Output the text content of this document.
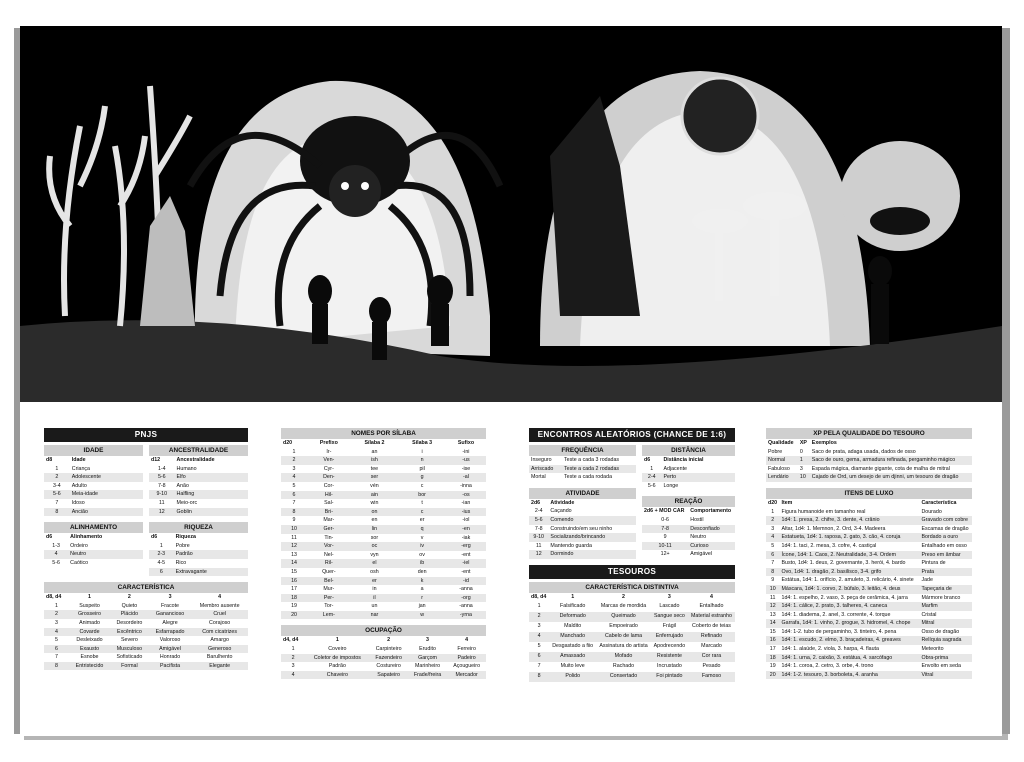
PNJS
IDADE
d8	Idade
1	Criança
2	Adolescente
3-4	Adulto
5-6	Meia-idade
7	Idoso
8	Ancião
ANCESTRALIDADE
d12	Ancestralidade
1-4	Humano
5-6	Elfo
7-8	Anão
9-10	Halfling
11	Meio-orc
12	Goblin
ALINHAMENTO
d6	Alinhamento
1-3	Ordeiro
4	Neutro
5-6	Caótico
RIQUEZA
d6	Riqueza
1	Pobre
2-3	Padrão
4-5	Rico
6	Extravagante
CARACTERÍSTICA
d8, d4	1	2	3	4
1	Suspeito	Quieto	Fracote	Membro ausente
2	Grosseiro	Plácido	Ganancioso	Cruel
3	Animado	Desordeiro	Alegre	Corajoso
4	Covarde	Excêntrico	Esfarrapado	Com cicatrizes
5	Desleixado	Severo	Valoroso	Amargo
6	Exausto	Musculoso	Amigável	Generoso
7	Esnobe	Sofisticado	Honrado	Barulhento
8	Entristecido	Formal	Pacifista	Elegante
NOMES POR SÍLABA
d20	Prefixo	Sílaba 2	Sílaba 3	Sufixo
1	Ir-	an	i	-ini
2	Ven-	ish	n	-us
3	Cyr-	tee	pil	-ise
4	Den-	ser	g	-al
5	Cor-	vén	c	-inna
6	Hil-	ain	bor	-os
7	Sal-	win	t	-ian
8	Bri-	on	c	-ius
9	Mar-	en	er	-iol
10	Ger-	lin	q	-en
11	Tin-	sor	v	-iak
12	Vor-	oc	iv	-erg
13	Nel-	vyn	ov	-ent
14	Ril-	el	ib	-iel
15	Quer-	osh	den	-ent
16	Bel-	er	k	-id
17	Mur-	in	a	-anna
18	Per-	il	r	-org
19	Tor-	un	jan	-anna
20	Lem-	nar	w	-yrna
OCUPAÇÃO
d4, d4	1	2	3	4
1	Coveiro	Carpinteiro	Erudito	Ferreiro
2	Coletor de impostos	Fazendeiro	Garçom	Padeiro
3	Padrão	Costureiro	Marinheiro	Açougueiro
4	Chaveiro	Sapateiro	Frade/freira	Mercador
ENCONTROS ALEATÓRIOS (CHANCE DE 1:6)
FREQUÊNCIA
Inseguro	Teste a cada 3 rodadas
Arriscado	Teste a cada 2 rodadas
Mortal	Teste a cada rodada
ATIVIDADE
2d6	Atividade
2-4	Caçando
5-6	Comendo
7-8	Construindo/em seu ninho
9-10	Socializando/brincando
11	Mantendo guarda
12	Dormindo
DISTÂNCIA
d6	Distância inicial
1	Adjacente
2-4	Perto
5-6	Longe
REAÇÃO
2d6 + MOD CAR	Comportamento
0-6	Hostil
7-8	Desconfiado
9	Neutro
10-11	Curioso
12+	Amigável
TESOUROS
CARACTERÍSTICA DISTINTIVA
d8, d4	1	2	3	4
1	Falsificado	Marcas de mordida	Lascado	Entalhado
2	Deformado	Queimado	Sangue seco	Material estranho
3	Maldito	Empoeirado	Frágil	Coberto de teias
4	Manchado	Cabelo de lama	Enferrujado	Refinado
5	Desgastado a fiio	Assinatura do artista	Apodrecendo	Marcado
6	Amassado	Mofado	Resistente	Cor rara
7	Muito leve	Rachado	Incrustado	Pesado
8	Polido	Consertado	Foi pintado	Famoso
XP PELA QUALIDADE DO TESOURO
Qualidade	XP	Exemplos
Pobre	0	Saco de prata, adaga usada, dados de osso
Normal	1	Saco de ouro, gema, armadura refinada, pergaminho mágico
Fabuloso	3	Espada mágica, diamante gigante, cota de malha de mitral
Lendário	10	Cajado de Ord, um desejo de um djinni, um tesouro de dragão
ITENS DE LUXO
d20	Item	Característica
1	Figura humanoide em tamanho real	Dourado
2	1d4: 1. presa, 2. chifre, 3. dente, 4. crânio	Gravado com cobre
3	Altar, 1d4: 1. Memnon, 2. Ord, 3-4. Madeera	Escamas de dragão
4	Estatueta, 1d4: 1. raposa, 2. gato, 3. cão, 4. coruja	Bordado a ouro
5	1d4: 1. taci, 2. mesa, 3. cofre, 4. castiçal	Entalhado em osso
6	Ícone, 1d4: 1. Caos, 2. Neutralidade, 3-4. Ordem	Preso em âmbar
7	Busto, 1d4: 1. deus, 2. governante, 3. herói, 4. bardo	Pintura de
8	Ovo, 1d4: 1. dragão, 2. basilisco, 3-4. grifo	Prata
9	Estátua, 1d4: 1. orifício, 2. amuleto, 3. relicário, 4. sinete	Jade
10	Máscara, 1d4: 1. corvo, 2. búfalo, 3. leitão, 4. deus	Tapeçaria de
11	1d4: 1. espelho, 2. vaso, 3. peça de cerâmica, 4. jarra	Mármore branco
12	1d4: 1. cálice, 2. prato, 3. talheres, 4. caneca	Marfim
13	1d4: 1. diadema, 2. anel, 3. corrente, 4. torque	Cristal
14	Garrafa, 1d4: 1. vinho, 2. grogue, 3. hidromel, 4. chope	Mitral
15	1d4: 1-2. tubo de pergaminho, 3. tinteiro, 4. pena	Osso de dragão
16	1d4: 1. escudo, 2. elmo, 3. braçadeiras, 4. greaves	Relíquia sagrada
17	1d4: 1. alaúde, 2. viola, 3. harpa, 4. flauta	Meteorito
18	1d4: 1. urna, 2. caixão, 3. estátua, 4. sarcófago	Obra-prima
19	1d4: 1. coroa, 2. cetro, 3. orbe, 4. trono	Envolto em seda
20	1d4: 1-2. tesouro, 3. borboleta, 4. aranha	Vitral
